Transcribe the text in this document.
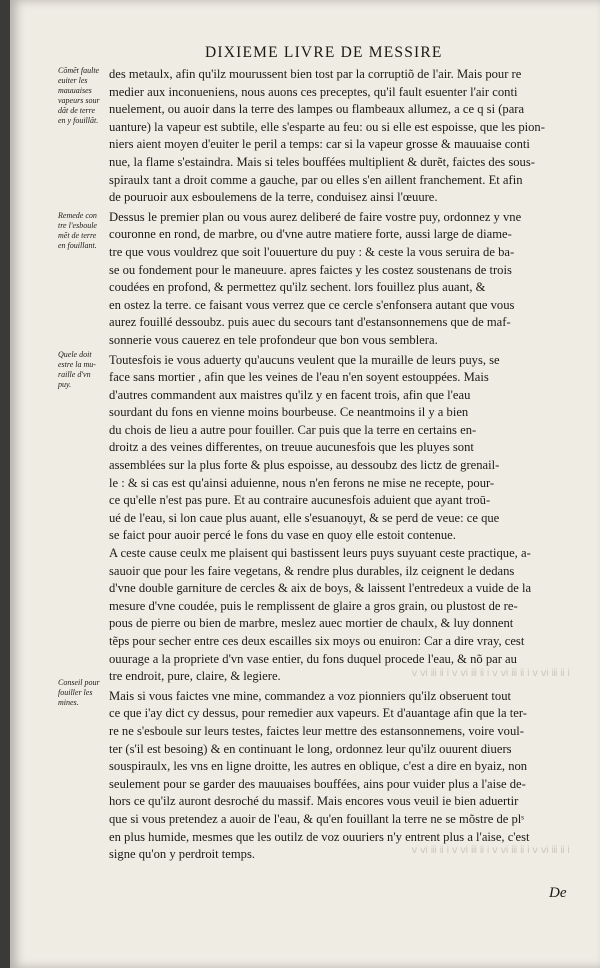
ⅰ ⅱ ⅲ ⅳ ⅴ ⅰ ⅱ ⅲ ⅳ ⅴ ⅰ ⅱ ⅲ ⅳ ⅴ ⅰ ⅱ ⅲ ⅳ ⅴ
ⅰ ⅱ ⅲ ⅳ ⅴ ⅰ ⅱ ⅲ ⅳ ⅴ ⅰ ⅱ ⅲ ⅳ ⅴ ⅰ ⅱ ⅲ ⅳ ⅴ
DIXIEME LIVRE DE MESSIRE
Cõmẽt faulte
euiter les
mauuaises
vapeurs sour
dãt de terre
en y fouillãt.
Remede con
tre l'esboule
mẽt de terre
en fouillant.
Quele doit
estre la mu-
raille d'vn
puy.
Conseil pour
fouiller les
mines.
des metaulx, afin qu'ilz mourussent bien tost par la corruptiõ de l'air. Mais pour re
medier aux inconueniens, nous auons ces preceptes, qu'il fault esuenter l'air conti
nuelement, ou auoir dans la terre des lampes ou flambeaux allumez, a ce q si (para
uanture) la vapeur est subtile, elle s'esparte au feu: ou si elle est espoisse, que les pion-
niers aient moyen d'euiter le peril a temps: car si la vapeur grosse & mauuaise conti
nue, la flame s'estaindra. Mais si teles bouffées multiplient & durẽt, faictes des sous-
spiraulx tant a droit comme a gauche, par ou elles s'en aillent franchement. Et afin
de pouruoir aux esboulemens de la terre, conduisez ainsi l'œuure.
Dessus le premier plan ou vous aurez deliberé de faire vostre puy, ordonnez y vne
couronne en rond, de marbre, ou d'vne autre matiere forte, aussi large de diame-
tre que vous vouldrez que soit l'ouuerture du puy : & ceste la vous seruira de ba-
se ou fondement pour le maneuure. apres faictes y les costez soustenans de trois
coudées en profond, & permettez qu'ilz sechent. lors fouillez plus auant, &
en ostez la terre. ce faisant vous verrez que ce cercle s'enfonsera autant que vous
aurez fouillé dessoubz. puis auec du secours tant d'estansonnemens que de maf-
sonnerie vous cauerez en tele profondeur que bon vous semblera.
Toutesfois ie vous aduerty qu'aucuns veulent que la muraille de leurs puys, se
face sans mortier , afin que les veines de l'eau n'en soyent estouppées. Mais
d'autres commandent aux maistres qu'ilz y en facent trois, afin que l'eau
sourdant du fons en vienne moins bourbeuse. Ce neantmoins il y a bien
du chois de lieu a autre pour fouiller. Car puis que la terre en certains en-
droitz a des veines differentes, on treuue aucunesfois que les pluyes sont
assemblées sur la plus forte & plus espoisse, au dessoubz des lictz de grenail-
le : & si cas est qu'ainsi aduienne, nous n'en ferons ne mise ne recepte, pour-
ce qu'elle n'est pas pure. Et au contraire aucunesfois aduient que ayant troū-
ué de l'eau, si lon caue plus auant, elle s'esuanoụyt, & se perd de veue: ce que
se faict pour auoir percé le fons du vase en quoy elle estoit contenue.
A ceste cause ceulx me plaisent qui bastissent leurs puys suyuant ceste practique, a-
sauoir que pour les faire vegetans, & rendre plus durables, ilz ceignent le dedans
d'vne double garniture de cercles & aix de boys, & laissent l'entredeux a vuide de la
mesure d'vne coudée, puis le remplissent de glaire a gros grain, ou plustost de re-
pous de pierre ou bien de marbre, meslez auec mortier de chaulx, & luy donnent
tẽps pour secher entre ces deux escailles six moys ou enuiron: Car a dire vray, cest
ouurage a la propriete d'vn vase entier, du fons duquel procede l'eau, & nõ par au
tre endroit, pure, claire, & legiere.
Mais si vous faictes vne mine, commandez a voz pionniers qu'ilz obseruent tout
ce que i'ay dict cy dessus, pour remedier aux vapeurs. Et d'auantage afin que la ter-
re ne s'esboule sur leurs testes, faictes leur mettre des estansonnemens, voire voul-
ter (s'il est besoing) & en continuant le long, ordonnez leur qu'ilz ouurent diuers
souspiraulx, les vns en ligne droitte, les autres en oblique, c'est a dire en byaiz, non
seulement pour se garder des mauuaises bouffées, ains pour vuider plus a l'aise de-
hors ce qu'ilz auront desroché du massif. Mais encores vous veuil ie bien aduertir
que si vous pretendez a auoir de l'eau, & qu'en fouillant la terre ne se mõstre de plˢ
en plus humide, mesmes que les outilz de voz ouuriers n'y entrent plus a l'aise, c'est
signe qu'on y perdroit temps.
De
